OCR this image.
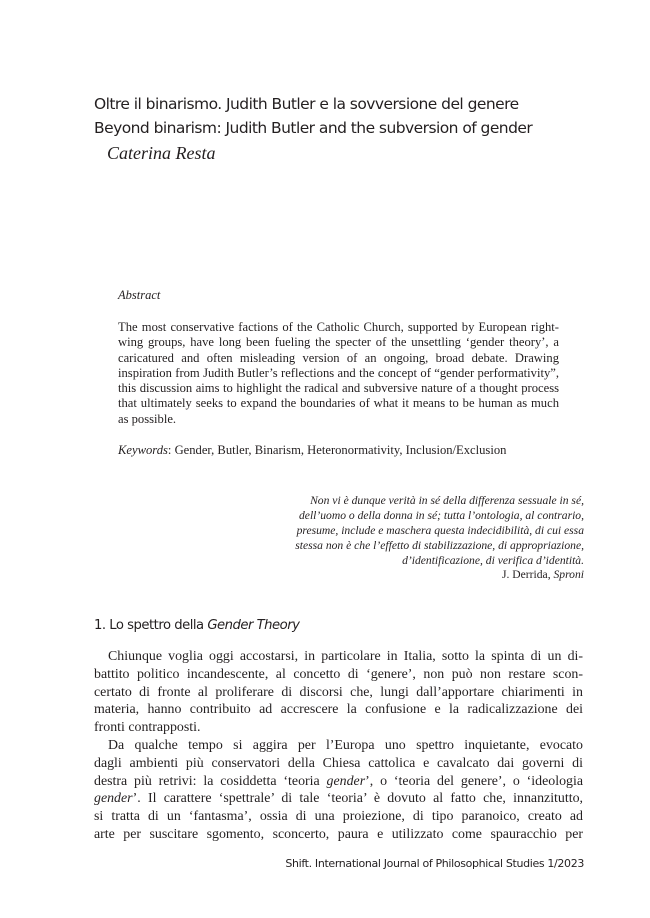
Oltre il binarismo. Judith Butler e la sovversione del genere
Beyond binarism: Judith Butler and the subversion of gender
Caterina Resta
Abstract

The most conservative factions of the Catholic Church, supported by European right-wing groups, have long been fueling the specter of the unsettling ‘gender theory’, a caricatured and often misleading version of an ongoing, broad debate. Drawing inspiration from Judith Butler’s reflections and the concept of “gender performativity”, this discussion aims to highlight the radical and subversive nature of a thought process that ultimately seeks to expand the boundaries of what it means to be human as much as possible.

Keywords: Gender, Butler, Binarism, Heteronormativity, Inclusion/Exclusion
Non vi è dunque verità in sé della differenza sessuale in sé,
dell’uomo o della donna in sé; tutta l’ontologia, al contrario,
presume, include e maschera questa indecidibilità, di cui essa
stessa non è che l’effetto di stabilizzazione, di appropriazione,
d’identificazione, di verifica d’identità.
J. Derrida, Sproni
1. Lo spettro della Gender Theory
Chiunque voglia oggi accostarsi, in particolare in Italia, sotto la spinta di un di-
battito politico incandescente, al concetto di ‘genere’, non può non restare scon-
certato di fronte al proliferare di discorsi che, lungi dall’apportare chiarimenti in
materia, hanno contribuito ad accrescere la confusione e la radicalizzazione dei
fronti contrapposti.
Da qualche tempo si aggira per l’Europa uno spettro inquietante, evocato
dagli ambienti più conservatori della Chiesa cattolica e cavalcato dai governi di
destra più retrivi: la cosiddetta ‘teoria gender’, o ‘teoria del genere’, o ‘ideologia
gender’. Il carattere ‘spettrale’ di tale ‘teoria’ è dovuto al fatto che, innanzitutto,
si tratta di un ‘fantasma’, ossia di una proiezione, di tipo paranoico, creato ad
arte per suscitare sgomento, sconcerto, paura e utilizzato come spauracchio per
Shift. International Journal of Philosophical Studies 1/2023
